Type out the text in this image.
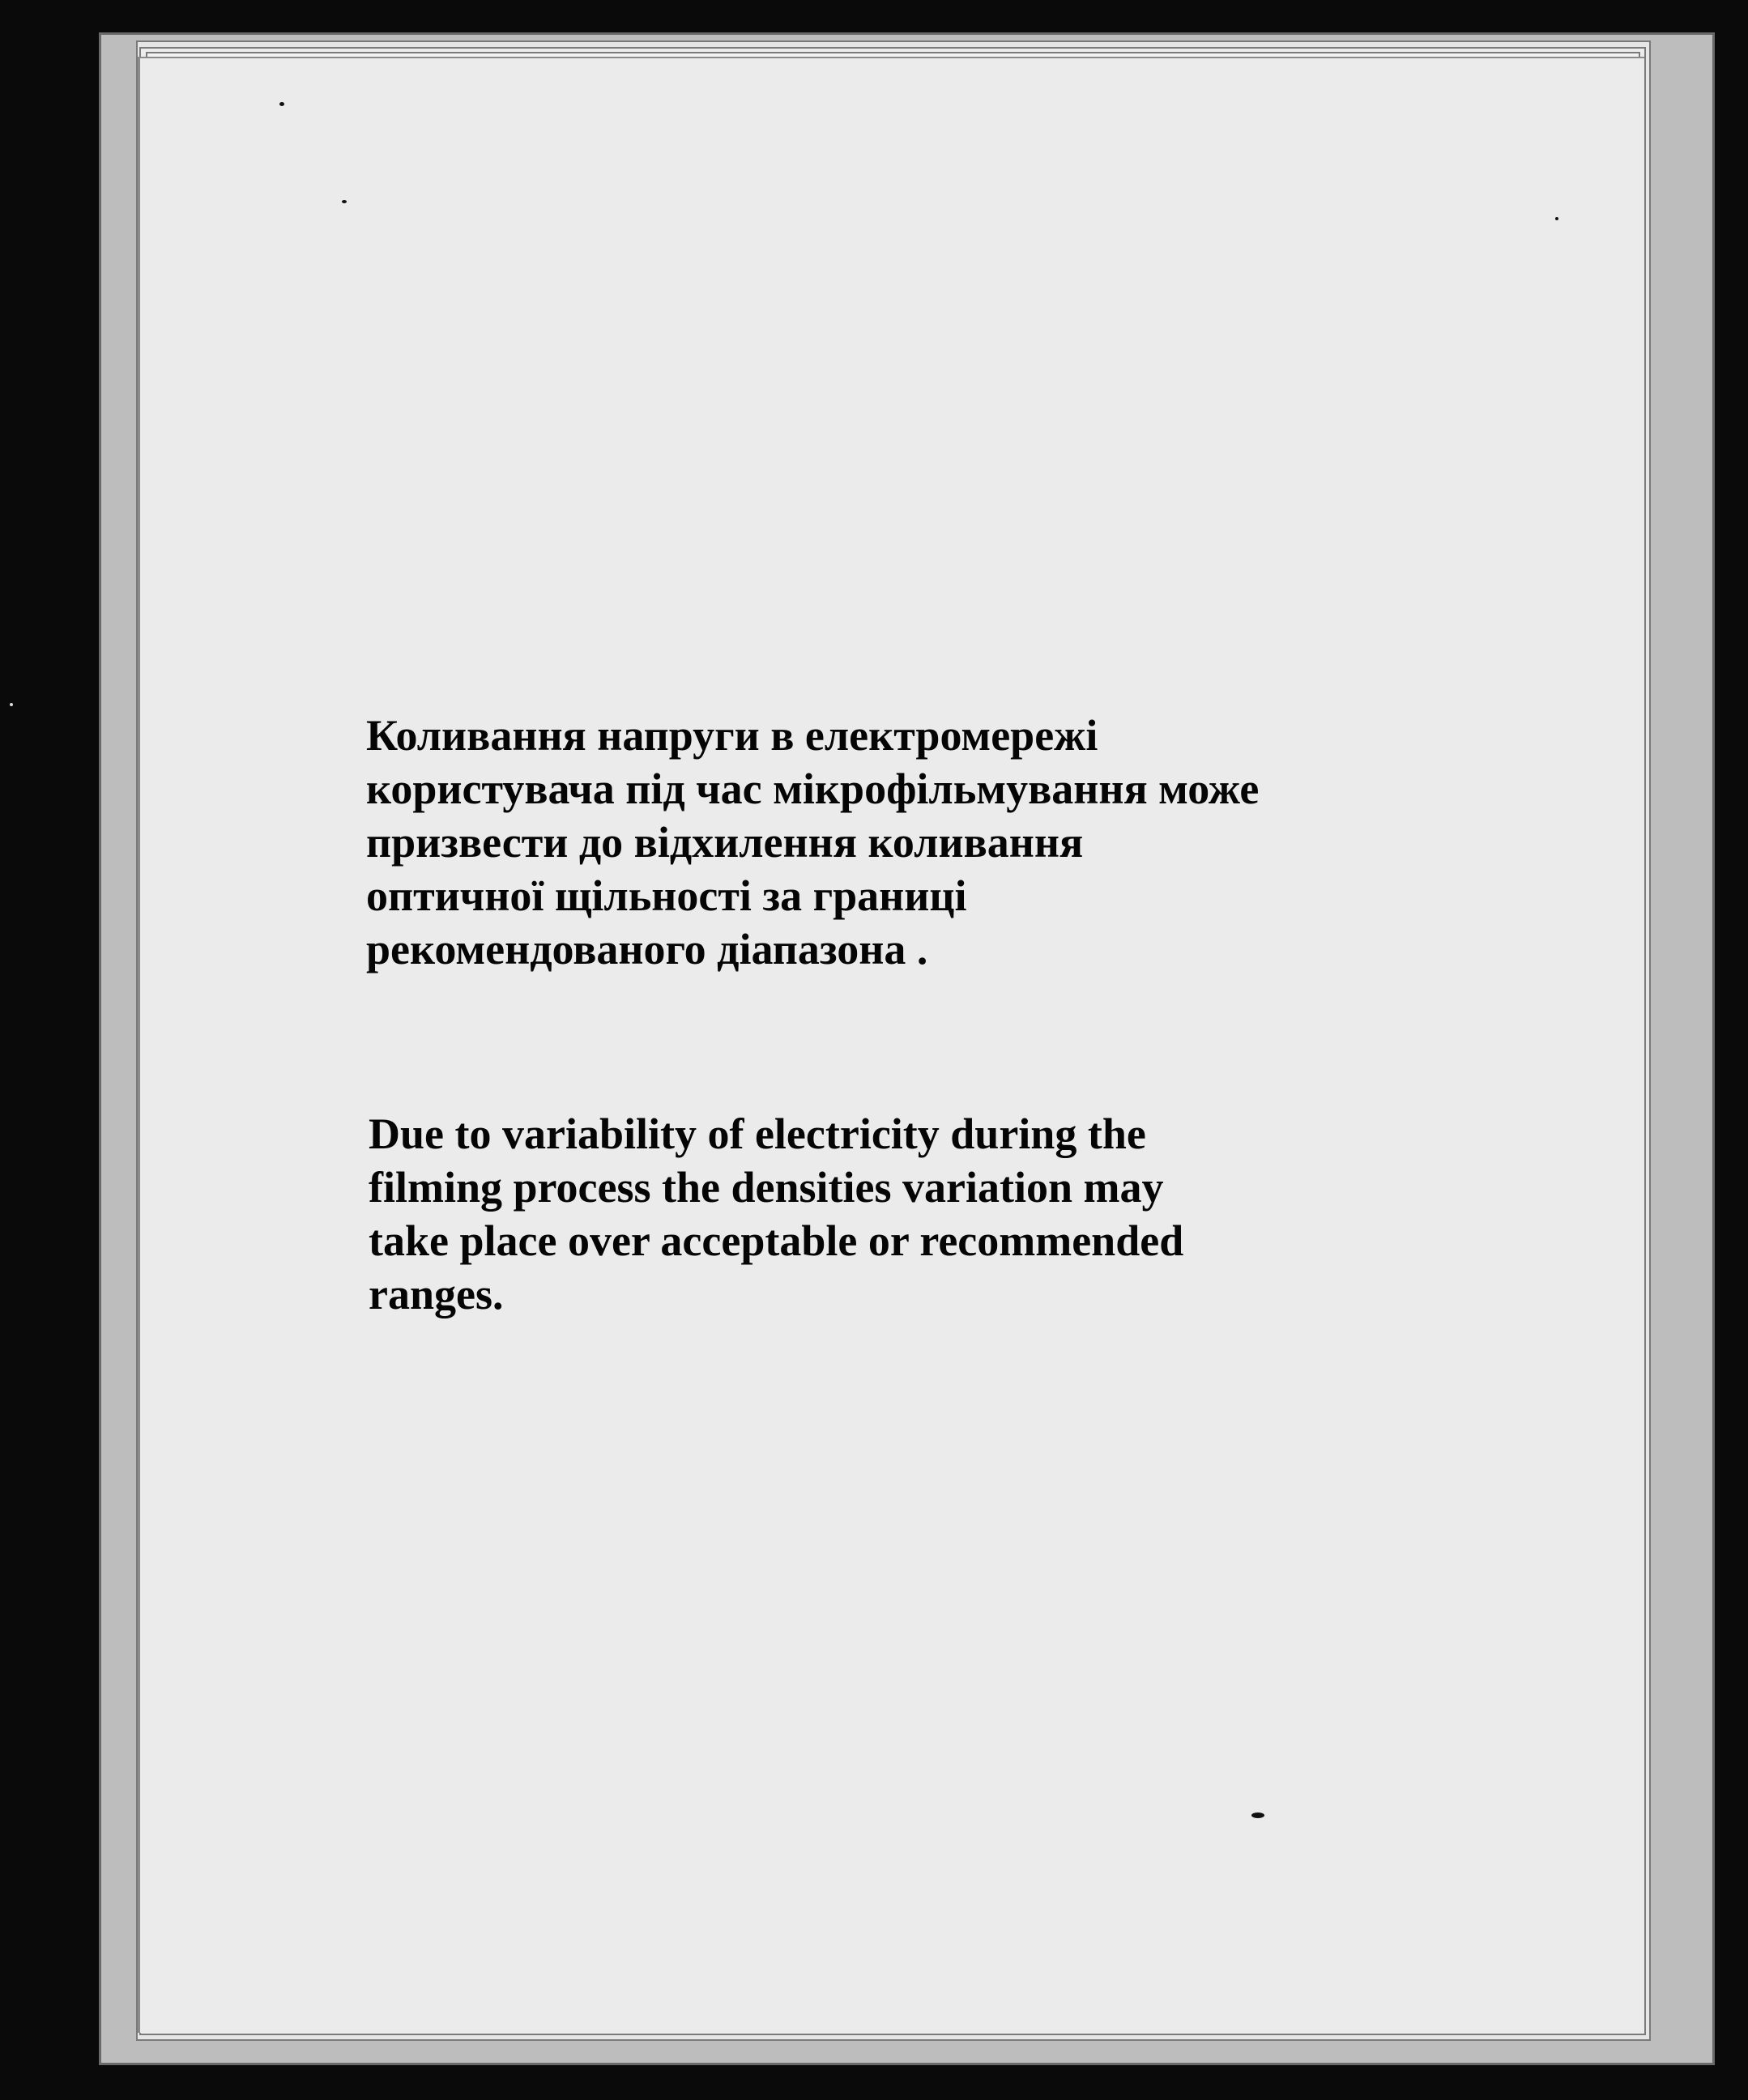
Коливання напруги в електромережі
користувача під час мікрофільмування може
призвести до відхилення коливання
оптичної щільності за границі
рекомендованого діапазона .
Due to variability of electricity during the
filming process the densities variation may
take place over acceptable or recommended
ranges.
